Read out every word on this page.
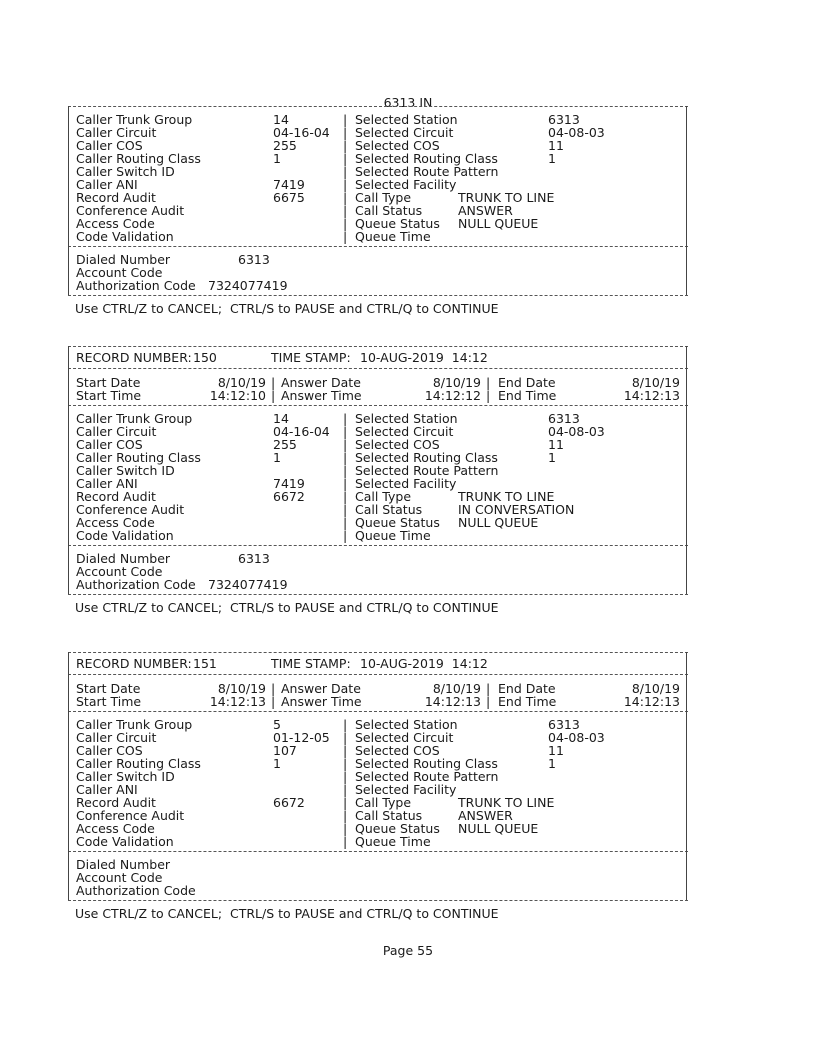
6313 IN
Caller Trunk Group	14	| Selected Station	6313
Caller Circuit	04-16-04 | Selected Circuit	04-08-03
Caller COS	255	| Selected COS	11
Caller Routing Class	1	| Selected Routing Class	1
Caller Switch ID	| Selected Route Pattern
Caller ANI	7419	| Selected Facility
Record Audit	6675	| Call Type	TRUNK TO LINE
Conference Audit	| Call Status	ANSWER
Access Code	| Queue Status NULL QUEUE
Code Validation	| Queue Time
Dialed Number	6313
Account Code
Authorization Code 7324077419
Use CTRL/Z to CANCEL;  CTRL/S to PAUSE and CTRL/Q to CONTINUE
RECORD NUMBER: 150	TIME STAMP: 10-AUG-2019  14:12
Start Date	8/10/19 | Answer Date	8/10/19 | End Date	8/10/19
Start Time	14:12:10 | Answer Time	14:12:12 | End Time	14:12:13
Caller Trunk Group	14	| Selected Station	6313
Caller Circuit	04-16-04 | Selected Circuit	04-08-03
Caller COS	255	| Selected COS	11
Caller Routing Class	1	| Selected Routing Class	1
Caller Switch ID	| Selected Route Pattern
Caller ANI	7419	| Selected Facility
Record Audit	6672	| Call Type	TRUNK TO LINE
Conference Audit	| Call Status	IN CONVERSATION
Access Code	| Queue Status NULL QUEUE
Code Validation	| Queue Time
Dialed Number	6313
Account Code
Authorization Code 7324077419
Use CTRL/Z to CANCEL;  CTRL/S to PAUSE and CTRL/Q to CONTINUE
RECORD NUMBER: 151	TIME STAMP: 10-AUG-2019  14:12
Start Date	8/10/19 | Answer Date	8/10/19 | End Date	8/10/19
Start Time	14:12:13 | Answer Time	14:12:13 | End Time	14:12:13
Caller Trunk Group	5	| Selected Station	6313
Caller Circuit	01-12-05 | Selected Circuit	04-08-03
Caller COS	107	| Selected COS	11
Caller Routing Class	1	| Selected Routing Class	1
Caller Switch ID	| Selected Route Pattern
Caller ANI	| Selected Facility
Record Audit	6672	| Call Type	TRUNK TO LINE
Conference Audit	| Call Status	ANSWER
Access Code	| Queue Status NULL QUEUE
Code Validation	| Queue Time
Dialed Number
Account Code
Authorization Code
Use CTRL/Z to CANCEL;  CTRL/S to PAUSE and CTRL/Q to CONTINUE
Page 55
